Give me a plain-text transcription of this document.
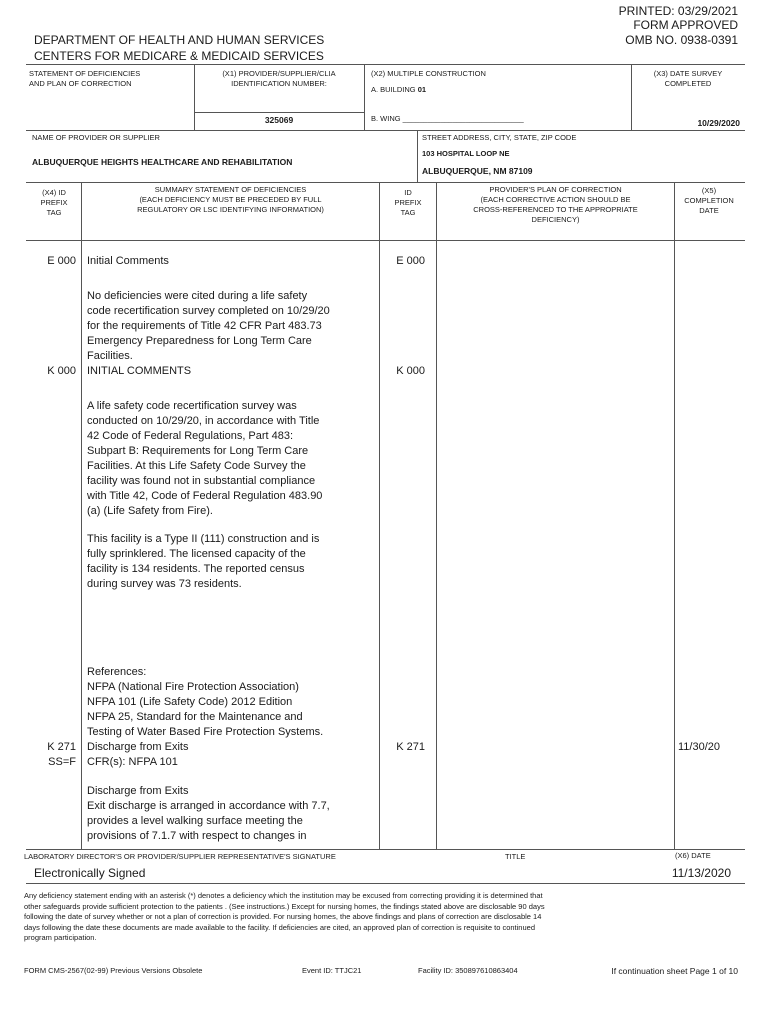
DEPARTMENT OF HEALTH AND HUMAN SERVICES
CENTERS FOR MEDICARE & MEDICAID SERVICES
PRINTED: 03/29/2021
FORM APPROVED
OMB NO. 0938-0391
STATEMENT OF DEFICIENCIES
AND PLAN OF CORRECTION
(X1) PROVIDER/SUPPLIER/CLIA
IDENTIFICATION NUMBER:
325069
(X2) MULTIPLE CONSTRUCTION
A. BUILDING 01
B. WING _____________________________
(X3) DATE SURVEY
COMPLETED
10/29/2020
NAME OF PROVIDER OR SUPPLIER
ALBUQUERQUE HEIGHTS HEALTHCARE AND REHABILITATION
STREET ADDRESS, CITY, STATE, ZIP CODE
103 HOSPITAL LOOP NE
ALBUQUERQUE, NM 87109
(X4) ID
PREFIX
TAG
SUMMARY STATEMENT OF DEFICIENCIES
(EACH DEFICIENCY MUST BE PRECEDED BY FULL
REGULATORY OR LSC IDENTIFYING INFORMATION)
ID
PREFIX
TAG
PROVIDER'S PLAN OF CORRECTION
(EACH CORRECTIVE ACTION SHOULD BE
CROSS-REFERENCED TO THE APPROPRIATE
DEFICIENCY)
(X5)
COMPLETION
DATE
E 000 Initial Comments	E 000
No deficiencies were cited during a life safety
code recertification survey completed on 10/29/20
for the requirements of Title 42 CFR Part 483.73
Emergency Preparedness for Long Term Care
Facilities.
K 000 INITIAL COMMENTS	K 000
A life safety code recertification survey was
conducted on 10/29/20, in accordance with Title
42 Code of Federal Regulations, Part 483:
Subpart B: Requirements for Long Term Care
Facilities. At this Life Safety Code Survey the
facility was found not in substantial compliance
with Title 42, Code of Federal Regulation 483.90
(a) (Life Safety from Fire).
This facility is a Type II (111) construction and is
fully sprinklered. The licensed capacity of the
facility is 134 residents. The reported census
during survey was 73 residents.
References:
NFPA (National Fire Protection Association)
NFPA 101 (Life Safety Code) 2012 Edition
NFPA 25, Standard for the Maintenance and
Testing of Water Based Fire Protection Systems.
K 271
SS=F
Discharge from Exits
CFR(s): NFPA 101
K 271	11/30/20
Discharge from Exits
Exit discharge is arranged in accordance with 7.7,
provides a level walking surface meeting the
provisions of 7.1.7 with respect to changes in
LABORATORY DIRECTOR'S OR PROVIDER/SUPPLIER REPRESENTATIVE'S SIGNATURE
Electronically Signed
TITLE	(X6) DATE
11/13/2020
Any deficiency statement ending with an asterisk (*) denotes a deficiency which the institution may be excused from correcting providing it is determined that
other safeguards provide sufficient protection to the patients . (See instructions.) Except for nursing homes, the findings stated above are disclosable 90 days
following the date of survey whether or not a plan of correction is provided. For nursing homes, the above findings and plans of correction are disclosable 14
days following the date these documents are made available to the facility. If deficiencies are cited, an approved plan of correction is requisite to continued
program participation.
FORM CMS-2567(02-99) Previous Versions Obsolete	Event ID: TTJC21	Facility ID: 350897610863404	If continuation sheet Page 1 of 10
